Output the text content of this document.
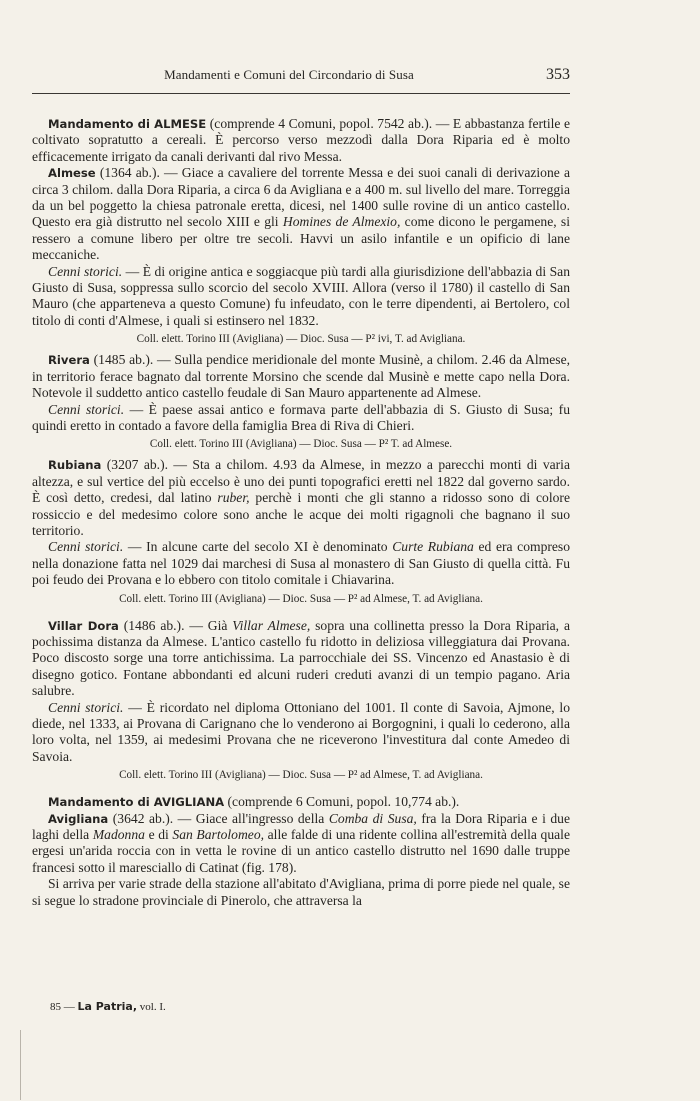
Mandamenti e Comuni del Circondario di Susa	353

Mandamento di ALMESE (comprende 4 Comuni, popol. 7542 ab.). — E abbastanza fertile e coltivato sopratutto a cereali. È percorso verso mezzodì dalla Dora Riparia ed è molto efficacemente irrigato da canali derivanti dal rivo Messa.

Almese (1364 ab.). — Giace a cavaliere del torrente Messa e dei suoi canali di derivazione a circa 3 chilom. dalla Dora Riparia, a circa 6 da Avigliana e a 400 m. sul livello del mare. Torreggia da un bel poggetto la chiesa patronale eretta, dicesi, nel 1400 sulle rovine di un antico castello. Questo era già distrutto nel secolo XIII e gli Homines de Almexio, come dicono le pergamene, si ressero a comune libero per oltre tre secoli. Havvi un asilo infantile e un opificio di lane meccaniche.

Cenni storici. — È di origine antica e soggiacque più tardi alla giurisdizione dell'abbazia di San Giusto di Susa, soppressa sullo scorcio del secolo XVIII. Allora (verso il 1780) il castello di San Mauro (che apparteneva a questo Comune) fu infeudato, con le terre dipendenti, ai Bertolero, col titolo di conti d'Almese, i quali si estinsero nel 1832.

Coll. elett. Torino III (Avigliana) — Dioc. Susa — P² ivi, T. ad Avigliana.

Rivera (1485 ab.). — Sulla pendice meridionale del monte Musinè, a chilom. 2.46 da Almese, in territorio ferace bagnato dal torrente Morsino che scende dal Musinè e mette capo nella Dora. Notevole il suddetto antico castello feudale di San Mauro appartenente ad Almese.

Cenni storici. — È paese assai antico e formava parte dell'abbazia di S. Giusto di Susa; fu quindi eretto in contado a favore della famiglia Brea di Riva di Chieri.

Coll. elett. Torino III (Avigliana) — Dioc. Susa — P² T. ad Almese.

Rubiana (3207 ab.). — Sta a chilom. 4.93 da Almese, in mezzo a parecchi monti di varia altezza, e sul vertice del più eccelso è uno dei punti topografici eretti nel 1822 dal governo sardo. È così detto, credesi, dal latino ruber, perchè i monti che gli stanno a ridosso sono di colore rossiccio e del medesimo colore sono anche le acque dei molti rigagnoli che bagnano il suo territorio.

Cenni storici. — In alcune carte del secolo XI è denominato Curte Rubiana ed era compreso nella donazione fatta nel 1029 dai marchesi di Susa al monastero di San Giusto di quella città. Fu poi feudo dei Provana e lo ebbero con titolo comitale i Chiavarina.

Coll. elett. Torino III (Avigliana) — Dioc. Susa — P² ad Almese, T. ad Avigliana.

Villar Dora (1486 ab.). — Già Villar Almese, sopra una collinetta presso la Dora Riparia, a pochissima distanza da Almese. L'antico castello fu ridotto in deliziosa villeggiatura dai Provana. Poco discosto sorge una torre antichissima. La parrocchiale dei SS. Vincenzo ed Anastasio è di disegno gotico. Fontane abbondanti ed alcuni ruderi creduti avanzi di un tempio pagano. Aria salubre.

Cenni storici. — È ricordato nel diploma Ottoniano del 1001. Il conte di Savoia, Ajmone, lo diede, nel 1333, ai Provana di Carignano che lo venderono ai Borgognini, i quali lo cederono, alla loro volta, nel 1359, ai medesimi Provana che ne riceverono l'investitura dal conte Amedeo di Savoia.

Coll. elett. Torino III (Avigliana) — Dioc. Susa — P² ad Almese, T. ad Avigliana.

Mandamento di AVIGLIANA (comprende 6 Comuni, popol. 10,774 ab.).

Avigliana (3642 ab.). — Giace all'ingresso della Comba di Susa, fra la Dora Riparia e i due laghi della Madonna e di San Bartolomeo, alle falde di una ridente collina all'estremità della quale ergesi un'arida roccia con in vetta le rovine di un antico castello distrutto nel 1690 dalle truppe francesi sotto il maresciallo di Catinat (fig. 178).

Si arriva per varie strade della stazione all'abitato d'Avigliana, prima di porre piede nel quale, se si segue lo stradone provinciale di Pinerolo, che attraversa la

85 — La Patria, vol. I.
